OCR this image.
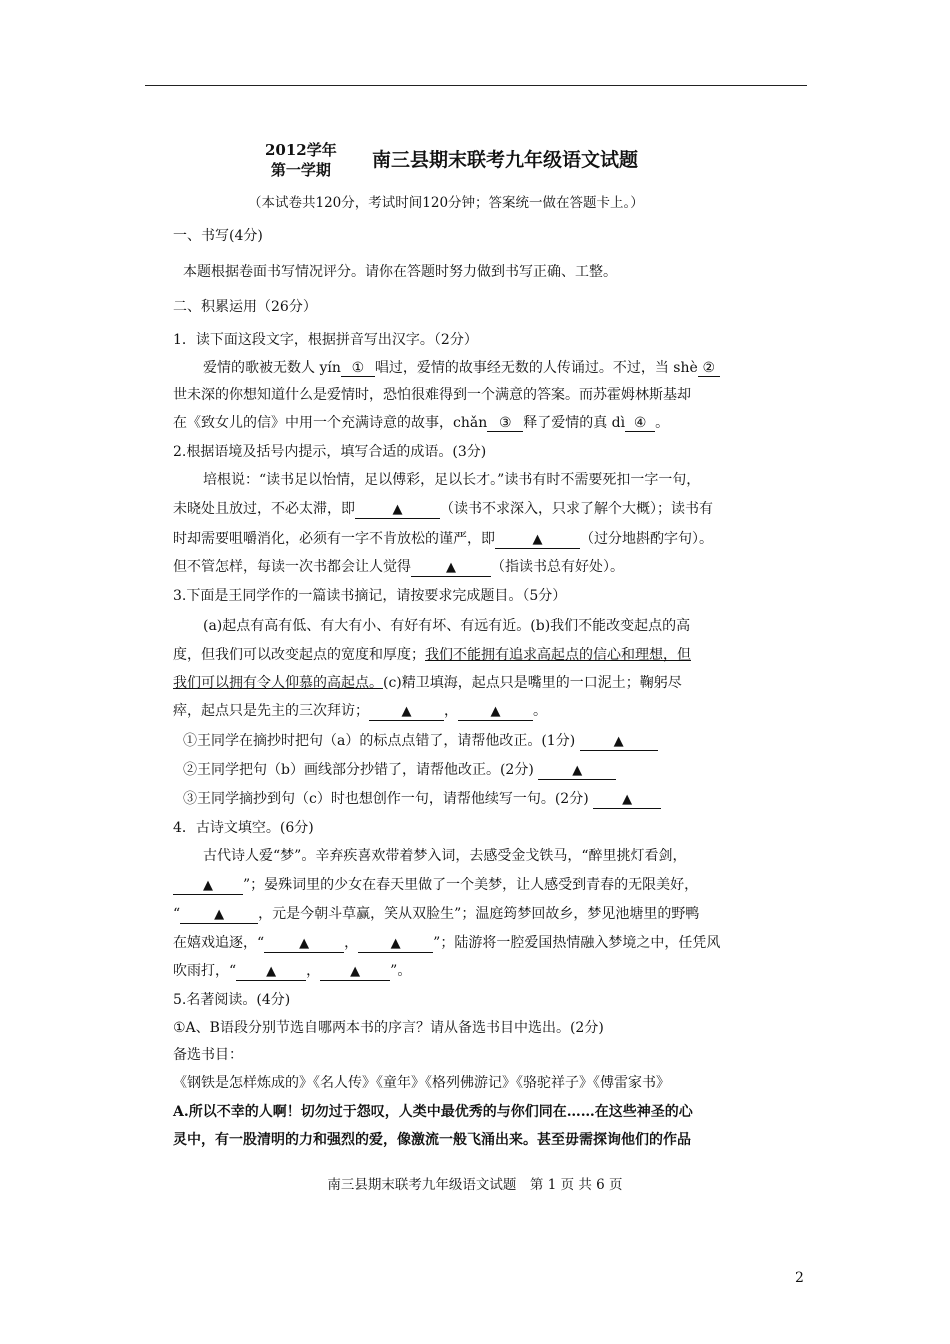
2012学年
第一学期	南三县期末联考九年级语文试题
（本试卷共120分，考试时间120分钟；答案统一做在答题卡上。）
一、书写(4分)
本题根据卷面书写情况评分。请你在答题时努力做到书写正确、工整。
二、积累运用（26分）
1．读下面这段文字，根据拼音写出汉字。（2分）
爱情的歌被无数人 yín ① 唱过，爱情的故事经无数的人传诵过。不过，当 shè ②
世未深的你想知道什么是爱情时，恐怕很难得到一个满意的答案。而苏霍姆林斯基却
在《致女儿的信》中用一个充满诗意的故事，chǎn ③ 释了爱情的真 dì ④ 。
2.根据语境及括号内提示，填写合适的成语。(3分)
培根说：“读书足以怡情，足以傅彩，足以长才。”读书有时不需要死扣一字一句，
未晓处且放过，不必太滞，即	▲	（读书不求深入，只求了解个大概）；读书有
时却需要咀嚼消化，必须有一字不肯放松的谨严，即	▲	（过分地斟酌字句）。
但不管怎样，每读一次书都会让人觉得	▲	（指读书总有好处）。
3.下面是王同学作的一篇读书摘记，请按要求完成题目。（5分）
(a)起点有高有低、有大有小、有好有坏、有远有近。(b)我们不能改变起点的高
度，但我们可以改变起点的宽度和厚度；我们不能拥有追求高起点的信心和理想，但
我们可以拥有令人仰慕的高起点。(c)精卫填海，起点只是嘴里的一口泥土；鞠躬尽
瘁，起点只是先主的三次拜访；	▲ ，	▲ 。
①王同学在摘抄时把句（a）的标点点错了，请帮他改正。(1分)	▲
②王同学把句（b）画线部分抄错了，请帮他改正。(2分)	▲
③王同学摘抄到句（c）时也想创作一句，请帮他续写一句。(2分)	▲
4．古诗文填空。(6分)
古代诗人爱“梦”。辛弃疾喜欢带着梦入词，去感受金戈铁马，“醉里挑灯看剑，
▲ ”；晏殊词里的少女在春天里做了一个美梦，让人感受到青春的无限美好，
“	▲ ，元是今朝斗草赢，笑从双脸生”；温庭筠梦回故乡，梦见池塘里的野鸭
在嬉戏追逐，“	▲	，	▲ ”；陆游将一腔爱国热情融入梦境之中，任凭风
吹雨打，“ ▲ ， ▲ ”。
5.名著阅读。(4分)
①A、B语段分别节选自哪两本书的序言？请从备选书目中选出。(2分)
备选书目：
《钢铁是怎样炼成的》《名人传》《童年》《格列佛游记》《骆驼祥子》《傅雷家书》
A.所以不幸的人啊！切勿过于怨叹，人类中最优秀的与你们同在……在这些神圣的心
灵中，有一股清明的力和强烈的爱，像激流一般飞涌出来。甚至毋需探询他们的作品
南三县期末联考九年级语文试题　第 1 页 共 6 页
2
